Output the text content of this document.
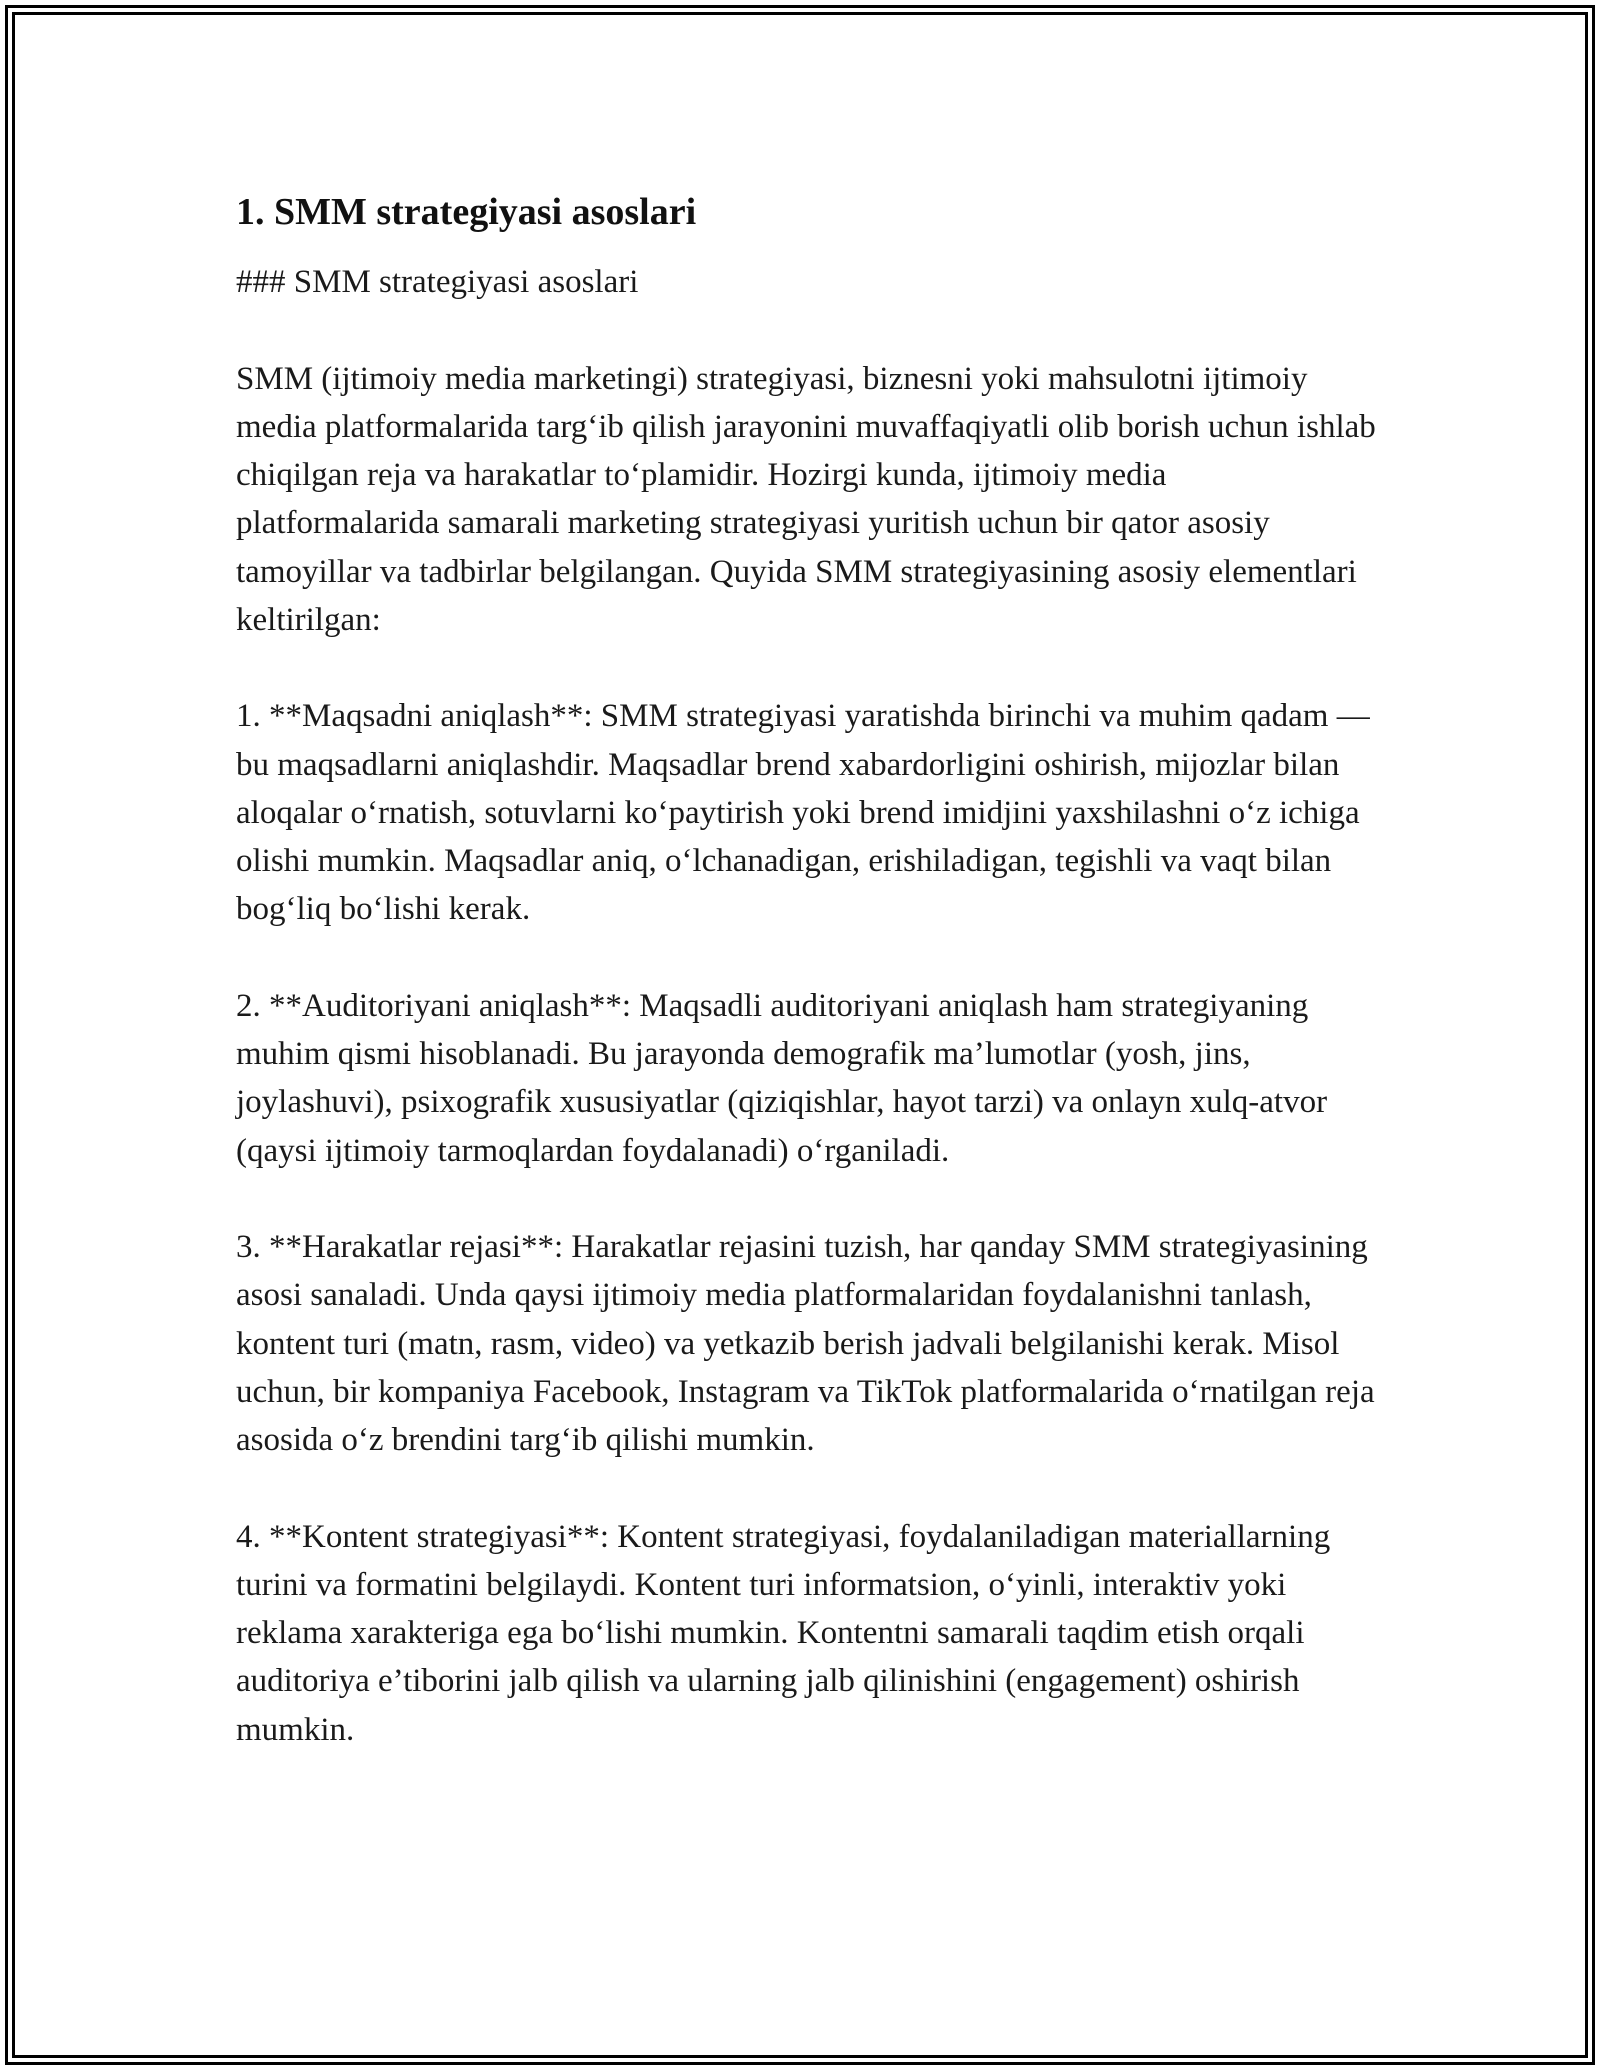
1. SMM strategiyasi asoslari

### SMM strategiyasi asoslari

SMM (ijtimoiy media marketingi) strategiyasi, biznesni yoki mahsulotni ijtimoiy media platformalarida targ‘ib qilish jarayonini muvaffaqiyatli olib borish uchun ishlab chiqilgan reja va harakatlar to‘plamidir. Hozirgi kunda, ijtimoiy media platformalarida samarali marketing strategiyasi yuritish uchun bir qator asosiy tamoyillar va tadbirlar belgilangan. Quyida SMM strategiyasining asosiy elementlari keltirilgan:

1. **Maqsadni aniqlash**: SMM strategiyasi yaratishda birinchi va muhim qadam — bu maqsadlarni aniqlashdir. Maqsadlar brend xabardorligini oshirish, mijozlar bilan aloqalar o‘rnatish, sotuvlarni ko‘paytirish yoki brend imidjini yaxshilashni o‘z ichiga olishi mumkin. Maqsadlar aniq, o‘lchanadigan, erishiladigan, tegishli va vaqt bilan bog‘liq bo‘lishi kerak.

2. **Auditoriyani aniqlash**: Maqsadli auditoriyani aniqlash ham strategiyaning muhim qismi hisoblanadi. Bu jarayonda demografik ma’lumotlar (yosh, jins, joylashuvi), psixografik xususiyatlar (qiziqishlar, hayot tarzi) va onlayn xulq-atvor (qaysi ijtimoiy tarmoqlardan foydalanadi) o‘rganiladi.

3. **Harakatlar rejasi**: Harakatlar rejasini tuzish, har qanday SMM strategiyasining asosi sanaladi. Unda qaysi ijtimoiy media platformalaridan foydalanishni tanlash, kontent turi (matn, rasm, video) va yetkazib berish jadvali belgilanishi kerak. Misol uchun, bir kompaniya Facebook, Instagram va TikTok platformalarida o‘rnatilgan reja asosida o‘z brendini targ‘ib qilishi mumkin.

4. **Kontent strategiyasi**: Kontent strategiyasi, foydalaniladigan materiallarning turini va formatini belgilaydi. Kontent turi informatsion, o‘yinli, interaktiv yoki reklama xarakteriga ega bo‘lishi mumkin. Kontentni samarali taqdim etish orqali auditoriya e’tiborini jalb qilish va ularning jalb qilinishini (engagement) oshirish mumkin.
